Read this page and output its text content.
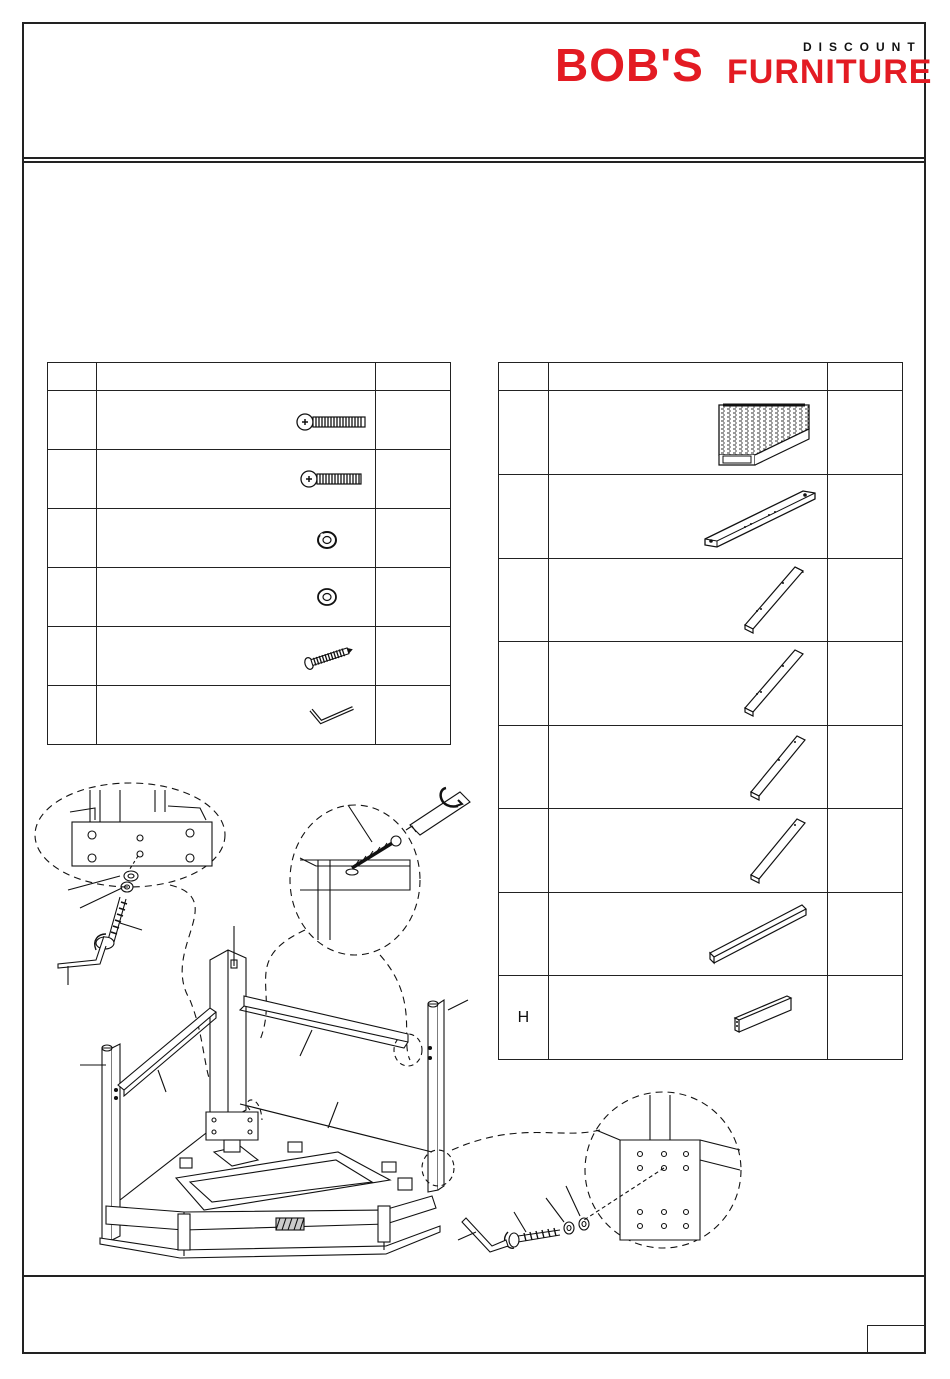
BOB'S	DISCOUNT
FURNITURE

H	
